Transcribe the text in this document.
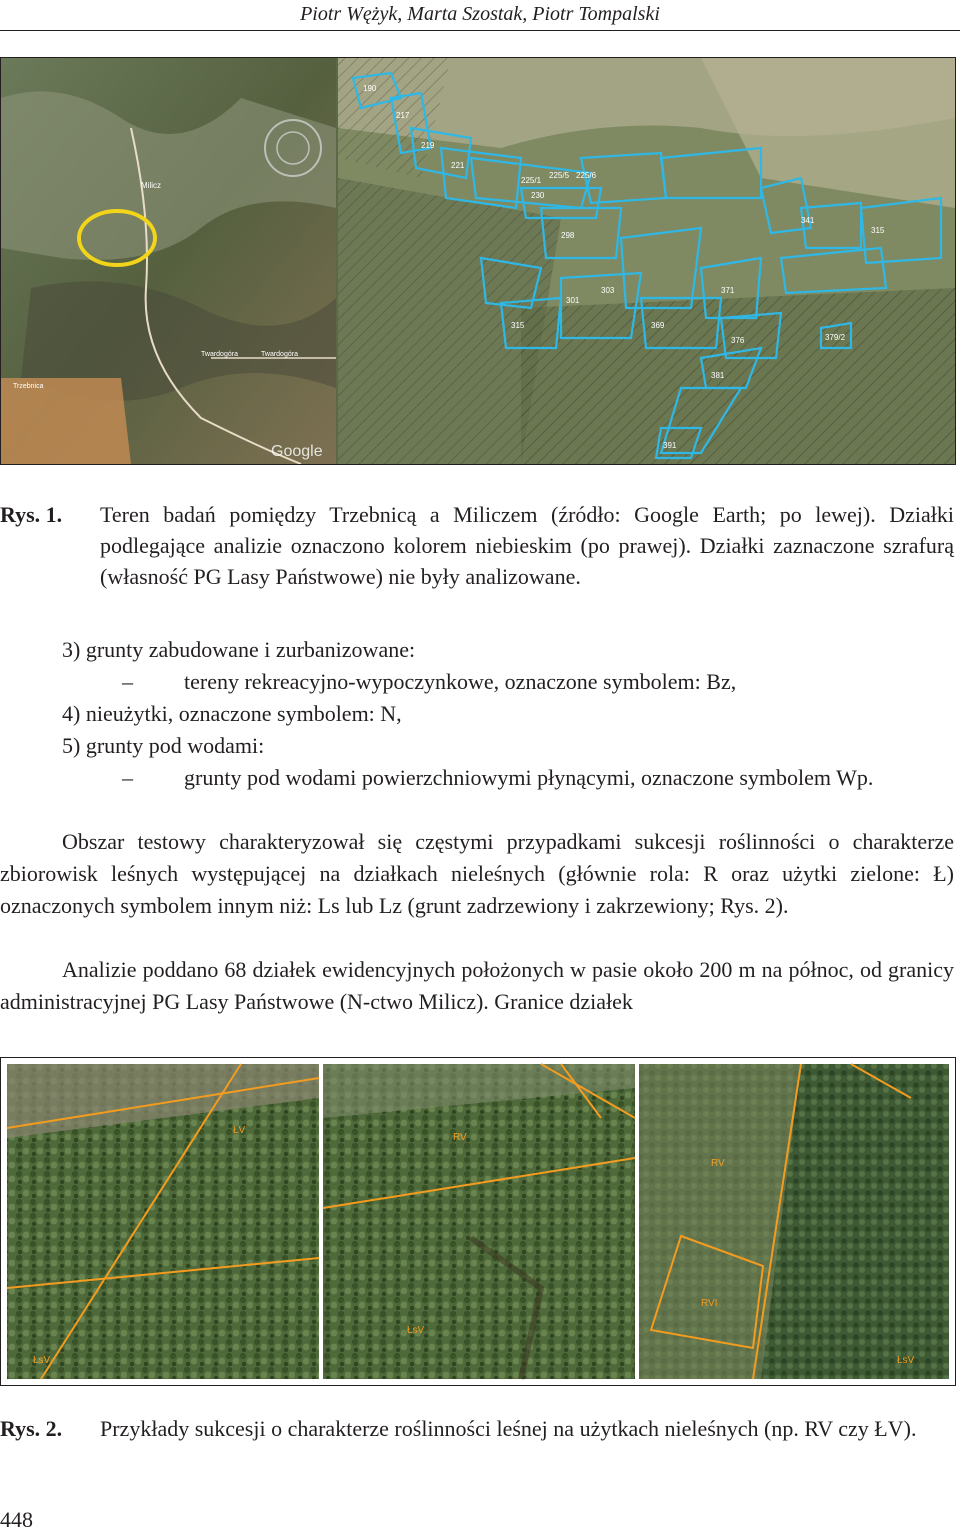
Piotr Wężyk, Marta Szostak, Piotr Tompalski
Milicz
Twardogóra	Twardogóra
Trzebnica
Google
190
217
219
221
225/1
225/5 225/6
230
298
301
303
315	369
371
376
341
315
379/2
381
391
Rys. 1. Teren badań pomiędzy Trzebnicą a Miliczem (źródło: Google Earth; po lewej). Działki podlegające analizie oznaczono kolorem niebieskim (po prawej). Działki zaznaczone szrafurą (własność PG Lasy Państwowe) nie były analizowane.
3) grunty zabudowane i zurbanizowane:
– tereny rekreacyjno-wypoczynkowe, oznaczone symbolem: Bz,
4) nieużytki, oznaczone symbolem: N,
5) grunty pod wodami:
– grunty pod wodami powierzchniowymi płynącymi, oznaczone symbolem Wp.
Obszar testowy charakteryzował się częstymi przypadkami sukcesji roślinności o charakterze zbiorowisk leśnych występującej na działkach nieleśnych (głównie rola: R oraz użytki zielone: Ł) oznaczonych symbolem innym niż: Ls lub Lz (grunt zadrzewiony i zakrzewiony; Rys. 2).
Analizie poddano 68 działek ewidencyjnych położonych w pasie około 200 m na północ, od granicy administracyjnej PG Lasy Państwowe (N-ctwo Milicz). Granice działek
ŁV
ŁsV
RV
ŁsV
RV
RVI
ŁsV
Rys. 2. Przykłady sukcesji o charakterze roślinności leśnej na użytkach nieleśnych (np. RV czy ŁV).
448
